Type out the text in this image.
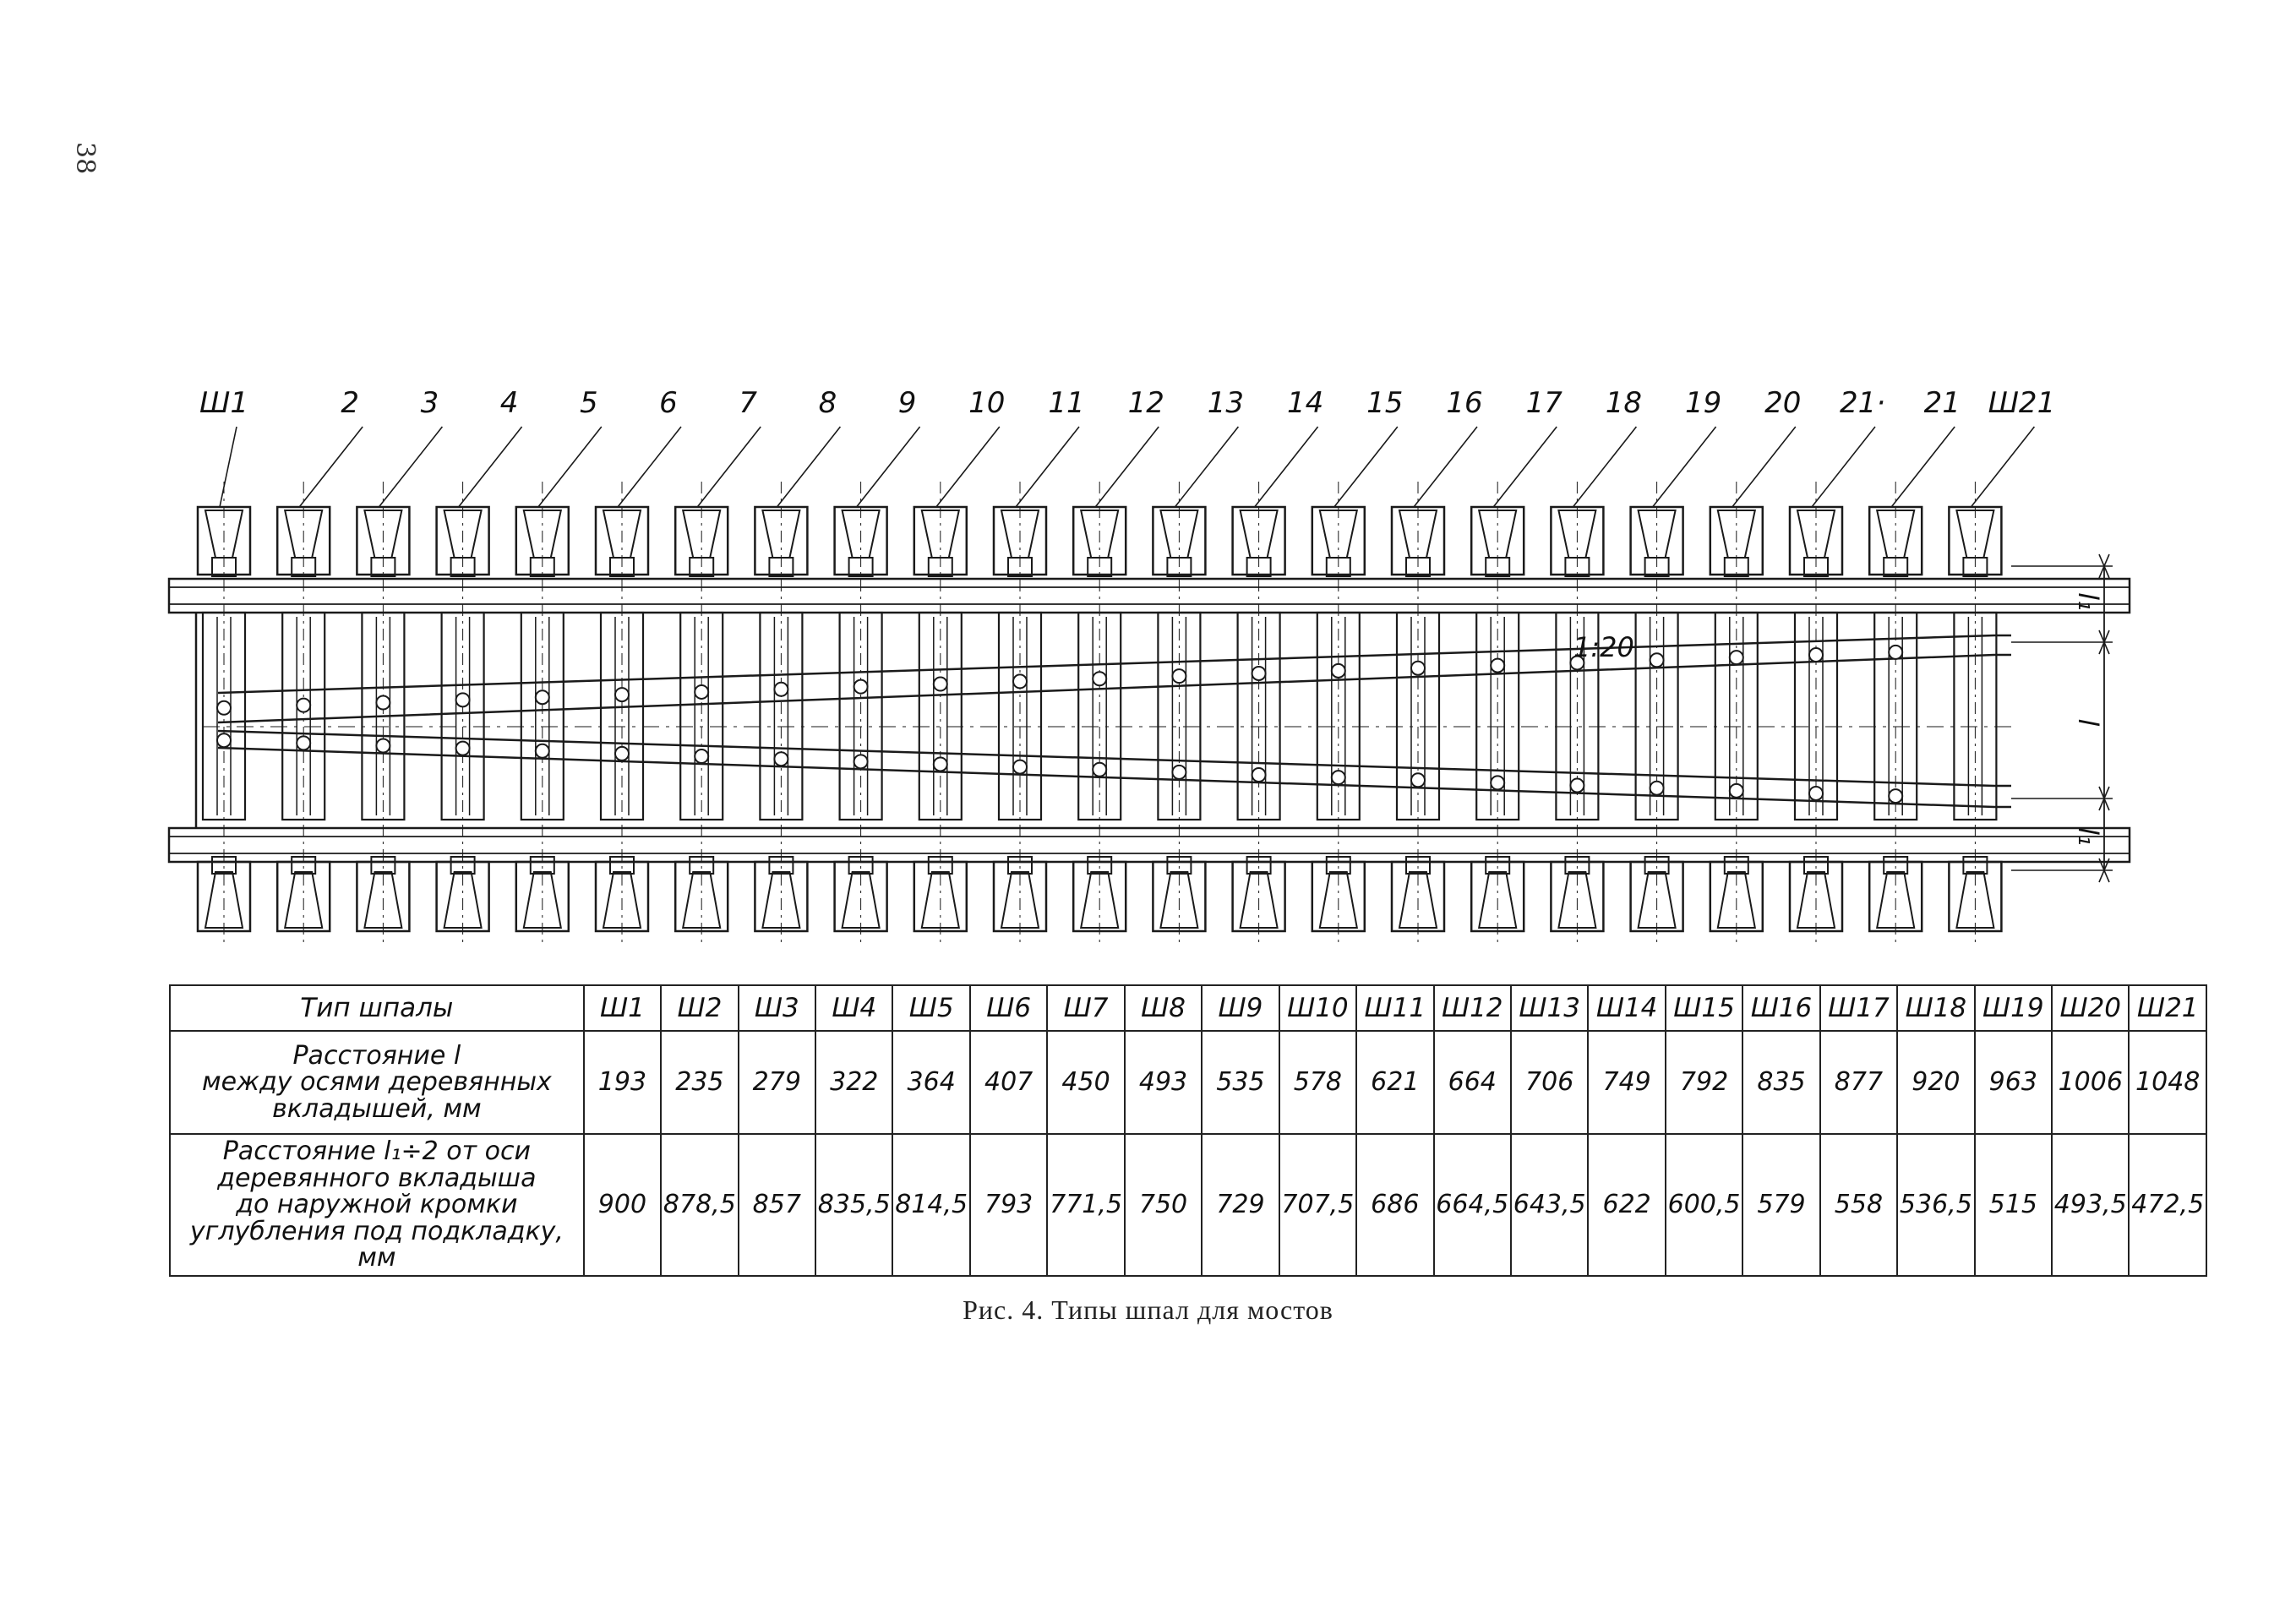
38
1:20
Ш1	2 3 4 5 6 7 8 9 10 11 12 13 14 15 16 17 18 19 20 21· 21 Ш21
l₁
l
l₁
Тип шпалы	Ш1	Ш2	Ш3	Ш4	Ш5	Ш6	Ш7	Ш8	Ш9	Ш10	Ш11	Ш12	Ш13	Ш14	Ш15	Ш16	Ш17	Ш18	Ш19	Ш20	Ш21

Расстояние l
между осями деревянных
вкладышей, мм	193	235	279	322	364	407	450	493	535	578	621	664	706	749	792	835	877	920	963	1006	1048

Расстояние l₁÷2 от оси
деревянного вкладыша
до наружной кромки
углубления под подкладку, мм	900	878,5	857	835,5	814,5	793	771,5	750	729	707,5	686	664,5	643,5	622	600,5	579	558	536,5	515	493,5	472,5
Рис. 4. Типы шпал для мостов
